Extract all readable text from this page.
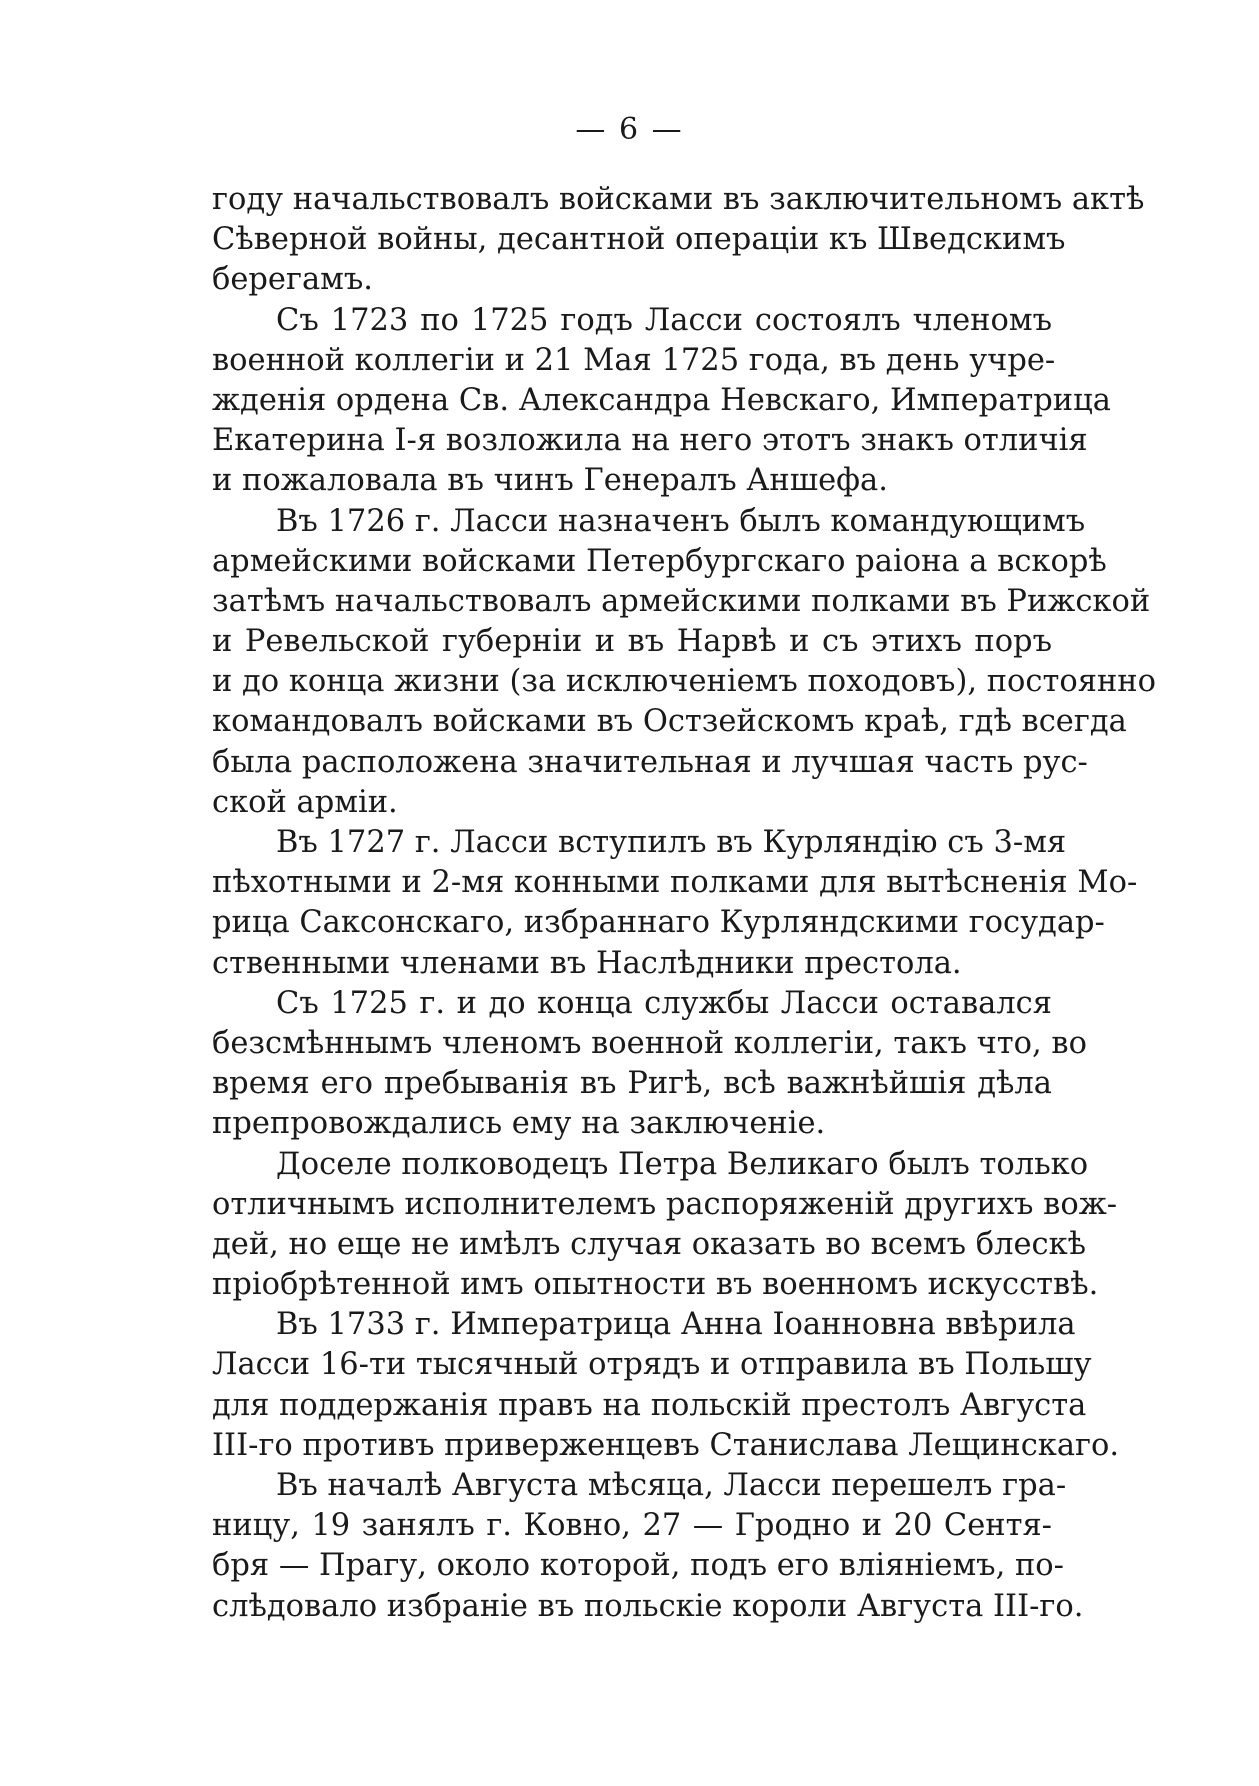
— 6 —
году начальствовалъ войсками въ заключительномъ актѣ
Сѣверной войны, десантной операціи къ Шведскимъ
берегамъ.
Съ 1723 по 1725 годъ Ласси состоялъ членомъ
военной коллегіи и 21 Мая 1725 года, въ день учре-
жденія ордена Св. Александра Невскаго, Императрица
Екатерина І-я возложила на него этотъ знакъ отличія
и пожаловала въ чинъ Генералъ Аншефа.
Въ 1726 г. Ласси назначенъ былъ командующимъ
армейскими войсками Петербургскаго раіона а вскорѣ
затѣмъ начальствовалъ армейскими полками въ Рижской
и Ревельской губерніи и въ Нарвѣ и съ этихъ поръ
и до конца жизни (за исключеніемъ походовъ), постоянно
командовалъ войсками въ Остзейскомъ краѣ, гдѣ всегда
была расположена значительная и лучшая часть рус-
ской арміи.
Въ 1727 г. Ласси вступилъ въ Курляндію съ 3-мя
пѣхотными и 2-мя конными полками для вытѣсненія Мо-
рица Саксонскаго, избраннаго Курляндскими государ-
ственными членами въ Наслѣдники престола.
Съ 1725 г. и до конца службы Ласси оставался
безсмѣннымъ членомъ военной коллегіи, такъ что, во
время его пребыванія въ Ригѣ, всѣ важнѣйшія дѣла
препровождались ему на заключеніе.
Доселе полководецъ Петра Великаго былъ только
отличнымъ исполнителемъ распоряженій другихъ вож-
дей, но еще не имѣлъ случая оказать во всемъ блескѣ
пріобрѣтенной имъ опытности въ военномъ искусствѣ.
Въ 1733 г. Императрица Анна Іоанновна ввѣрила
Ласси 16-ти тысячный отрядъ и отправила въ Польшу
для поддержанія правъ на польскій престолъ Августа
ІІІ-го противъ приверженцевъ Станислава Лещинскаго.
Въ началѣ Августа мѣсяца, Ласси перешелъ гра-
ницу, 19 занялъ г. Ковно, 27 — Гродно и 20 Сентя-
бря — Прагу, около которой, подъ его вліяніемъ, по-
слѣдовало избраніе въ польскіе короли Августа ІІІ-го.
